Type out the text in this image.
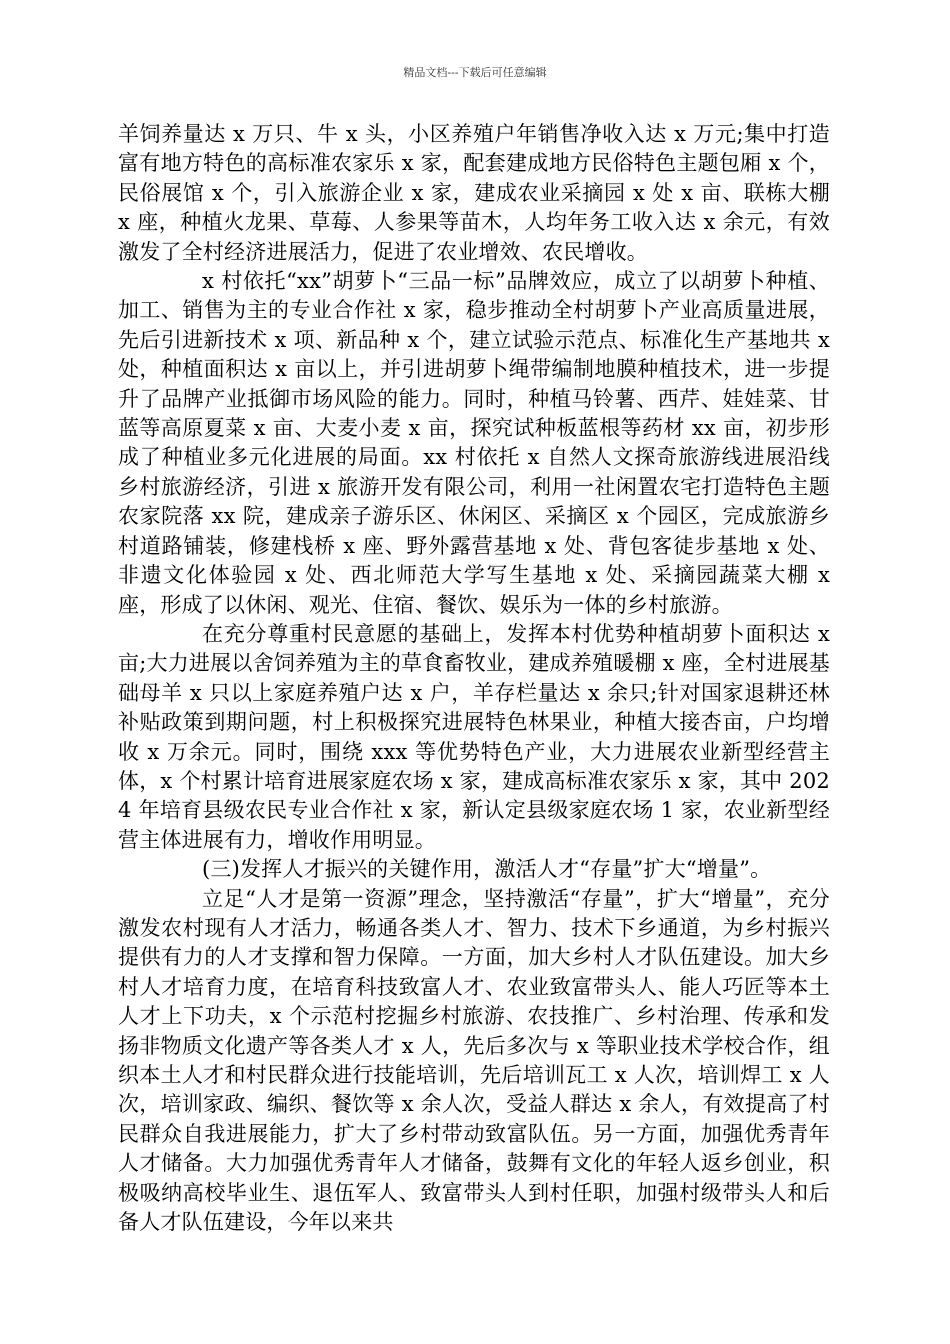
精品文档---下载后可任意编辑

羊饲养量达 x 万只、牛 x 头，小区养殖户年销售净收入达 x 万元;集中打造富有地方特色的高标准农家乐 x 家，配套建成地方民俗特色主题包厢 x 个，民俗展馆 x 个，引入旅游企业 x 家，建成农业采摘园 x 处 x 亩、联栋大棚 x 座，种植火龙果、草莓、人参果等苗木，人均年务工收入达 x 余元，有效激发了全村经济进展活力，促进了农业增效、农民增收。

x 村依托“xx”胡萝卜“三品一标”品牌效应，成立了以胡萝卜种植、加工、销售为主的专业合作社 x 家，稳步推动全村胡萝卜产业高质量进展，先后引进新技术 x 项、新品种 x 个，建立试验示范点、标准化生产基地共 x 处，种植面积达 x 亩以上，并引进胡萝卜绳带编制地膜种植技术，进一步提升了品牌产业抵御市场风险的能力。同时，种植马铃薯、西芹、娃娃菜、甘蓝等高原夏菜 x 亩、大麦小麦 x 亩，探究试种板蓝根等药材 xx 亩，初步形成了种植业多元化进展的局面。xx 村依托 x 自然人文探奇旅游线进展沿线乡村旅游经济，引进 x 旅游开发有限公司，利用一社闲置农宅打造特色主题农家院落 xx 院，建成亲子游乐区、休闲区、采摘区 x 个园区，完成旅游乡村道路铺装，修建栈桥 x 座、野外露营基地 x 处、背包客徒步基地 x 处、非遗文化体验园 x 处、西北师范大学写生基地 x 处、采摘园蔬菜大棚 x 座，形成了以休闲、观光、住宿、餐饮、娱乐为一体的乡村旅游。

在充分尊重村民意愿的基础上，发挥本村优势种植胡萝卜面积达 x 亩;大力进展以舍饲养殖为主的草食畜牧业，建成养殖暖棚 x 座，全村进展基础母羊 x 只以上家庭养殖户达 x 户，羊存栏量达 x 余只;针对国家退耕还林补贴政策到期问题，村上积极探究进展特色林果业，种植大接杏亩，户均增收 x 万余元。同时，围绕 xxx 等优势特色产业，大力进展农业新型经营主体，x 个村累计培育进展家庭农场 x 家，建成高标准农家乐 x 家，其中 2024 年培育县级农民专业合作社 x 家，新认定县级家庭农场 1 家，农业新型经营主体进展有力，增收作用明显。

(三)发挥人才振兴的关键作用，激活人才“存量”扩大“增量”。

立足“人才是第一资源”理念，坚持激活“存量”，扩大“增量”，充分激发农村现有人才活力，畅通各类人才、智力、技术下乡通道，为乡村振兴提供有力的人才支撑和智力保障。一方面，加大乡村人才队伍建设。加大乡村人才培育力度，在培育科技致富人才、农业致富带头人、能人巧匠等本土人才上下功夫，x 个示范村挖掘乡村旅游、农技推广、乡村治理、传承和发扬非物质文化遗产等各类人才 x 人，先后多次与 x 等职业技术学校合作，组织本土人才和村民群众进行技能培训，先后培训瓦工 x 人次，培训焊工 x 人次，培训家政、编织、餐饮等 x 余人次，受益人群达 x 余人，有效提高了村民群众自我进展能力，扩大了乡村带动致富队伍。另一方面，加强优秀青年人才储备。大力加强优秀青年人才储备，鼓舞有文化的年轻人返乡创业，积极吸纳高校毕业生、退伍军人、致富带头人到村任职，加强村级带头人和后备人才队伍建设，今年以来共
